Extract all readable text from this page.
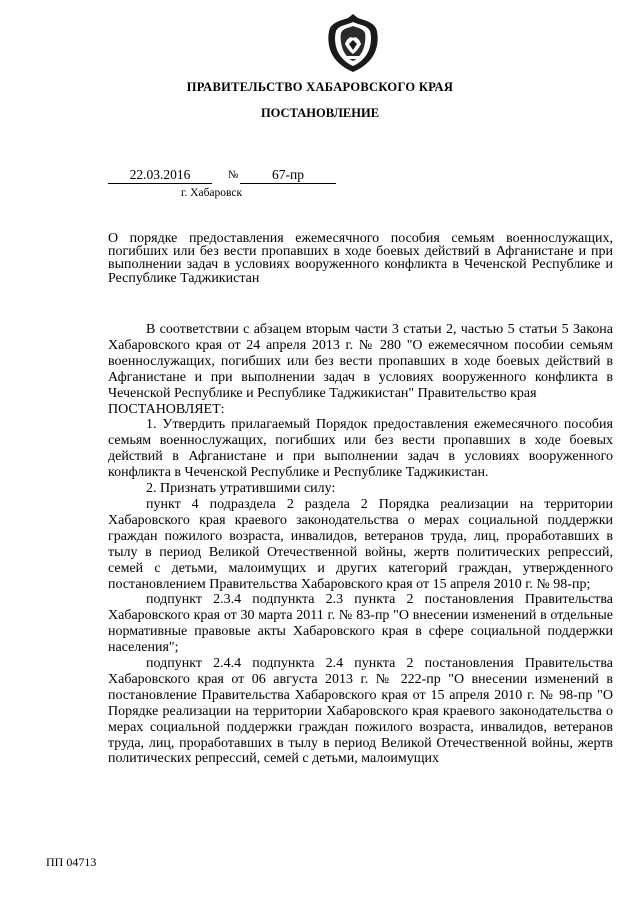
ПРАВИТЕЛЬСТВО ХАБАРОВСКОГО КРАЯ
ПОСТАНОВЛЕНИЕ
22.03.2016	№	67-пр
г. Хабаровск
О порядке предоставления ежемесячного пособия семьям военнослужащих, погибших или без вести пропавших в ходе боевых действий в Афганистане и при выполнении задач в условиях вооруженного конфликта в Чеченской Республике и Республике Таджикистан

В соответствии с абзацем вторым части 3 статьи 2, частью 5 статьи 5 Закона Хабаровского края от 24 апреля 2013 г. № 280 "О ежемесячном пособии семьям военнослужащих, погибших или без вести пропавших в ходе боевых действий в Афганистане и при выполнении задач в условиях вооруженного конфликта в Чеченской Республике и Республике Таджикистан" Правительство края

ПОСТАНОВЛЯЕТ:

1. Утвердить прилагаемый Порядок предоставления ежемесячного пособия семьям военнослужащих, погибших или без вести пропавших в ходе боевых действий в Афганистане и при выполнении задач в условиях вооруженного конфликта в Чеченской Республике и Республике Таджикистан.

2. Признать утратившими силу:

пункт 4 подраздела 2 раздела 2 Порядка реализации на территории Хабаровского края краевого законодательства о мерах социальной поддержки граждан пожилого возраста, инвалидов, ветеранов труда, лиц, проработавших в тылу в период Великой Отечественной войны, жертв политических репрессий, семей с детьми, малоимущих и других категорий граждан, утвержденного постановлением Правительства Хабаровского края от 15 апреля 2010 г. № 98-пр;

подпункт 2.3.4 подпункта 2.3 пункта 2 постановления Правительства Хабаровского края от 30 марта 2011 г. № 83-пр "О внесении изменений в отдельные нормативные правовые акты Хабаровского края в сфере социальной поддержки населения";

подпункт 2.4.4 подпункта 2.4 пункта 2 постановления Правительства Хабаровского края от 06 августа 2013 г. № 222-пр "О внесении изменений в постановление Правительства Хабаровского края от 15 апреля 2010 г. № 98-пр "О Порядке реализации на территории Хабаровского края краевого законодательства о мерах социальной поддержки граждан пожилого возраста, инвалидов, ветеранов труда, лиц, проработавших в тылу в период Великой Отечественной войны, жертв политических репрессий, семей с детьми, малоимущих

ПП 04713
